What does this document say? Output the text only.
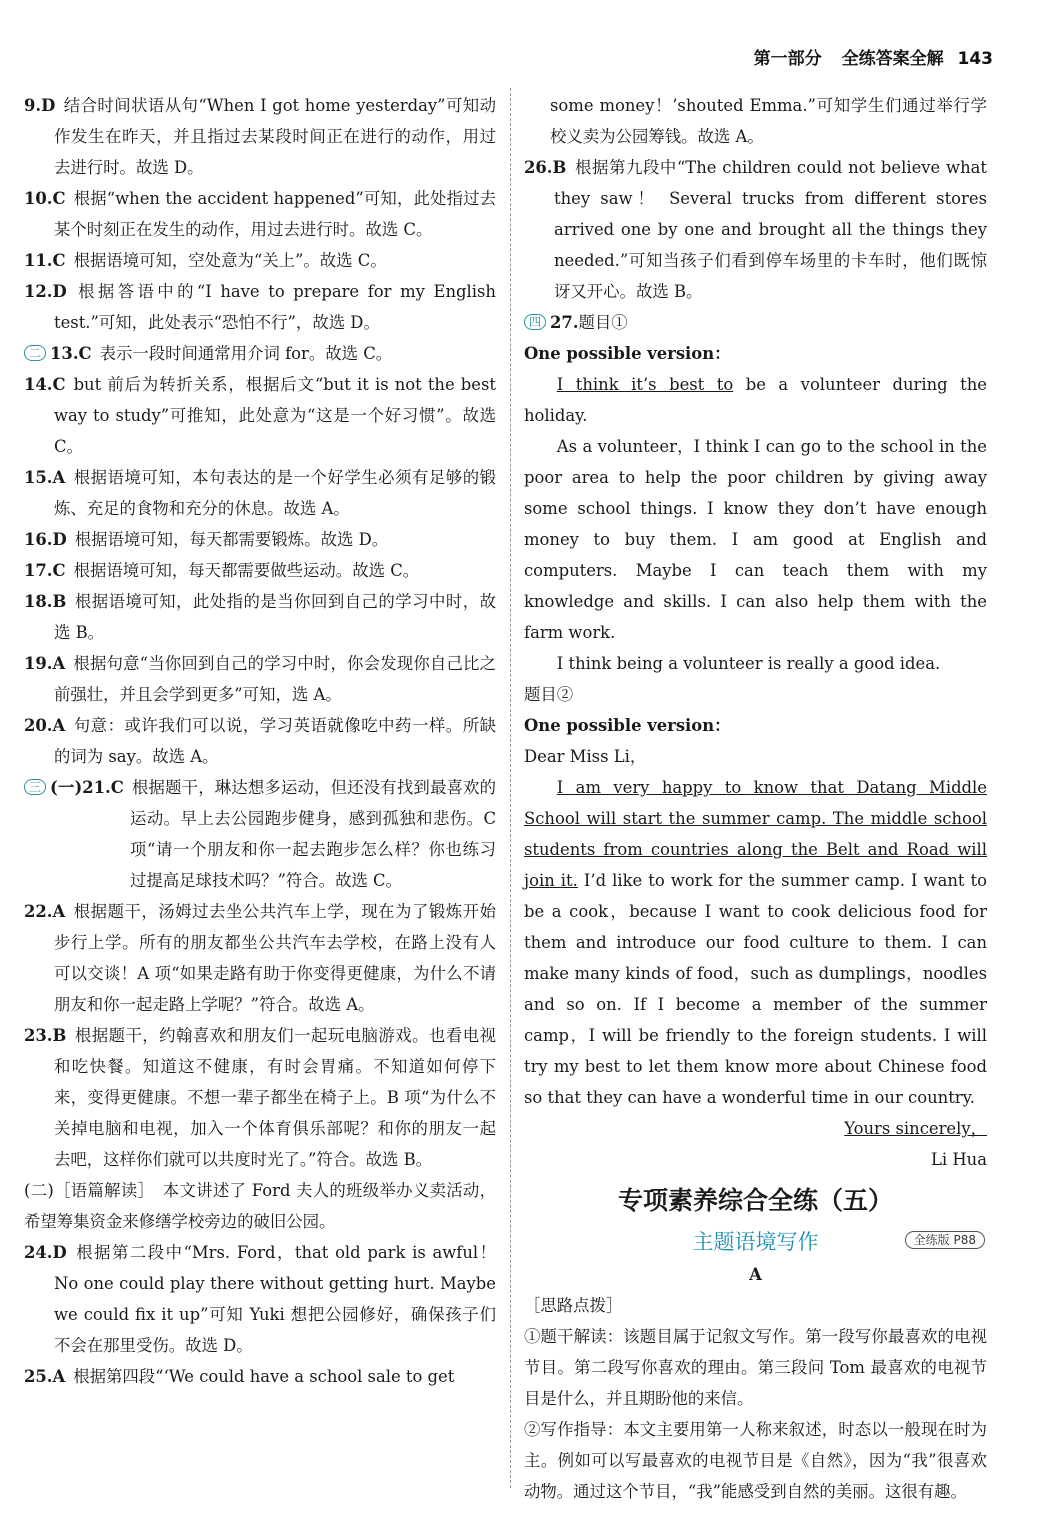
第一部分 全练答案全解 143

9.D 结合时间状语从句“When I got home yesterday”可知动作发生在昨天，并且指过去某段时间正在进行的动作，用过去进行时。故选 D。

10.C 根据“when the accident happened”可知，此处指过去某个时刻正在发生的动作，用过去进行时。故选 C。

11.C 根据语境可知，空处意为“关上”。故选 C。

12.D 根据答语中的“I have to prepare for my English test.”可知，此处表示“恐怕不行”，故选 D。

二 13.C 表示一段时间通常用介词 for。故选 C。

14.C but 前后为转折关系，根据后文“but it is not the best way to study”可推知，此处意为“这是一个好习惯”。故选 C。

15.A 根据语境可知，本句表达的是一个好学生必须有足够的锻炼、充足的食物和充分的休息。故选 A。

16.D 根据语境可知，每天都需要锻炼。故选 D。

17.C 根据语境可知，每天都需要做些运动。故选 C。

18.B 根据语境可知，此处指的是当你回到自己的学习中时，故选 B。

19.A 根据句意“当你回到自己的学习中时，你会发现你自己比之前强壮，并且会学到更多”可知，选 A。

20.A 句意：或许我们可以说，学习英语就像吃中药一样。所缺的词为 say。故选 A。

三 (一)21.C 根据题干，琳达想多运动，但还没有找到最喜欢的运动。早上去公园跑步健身，感到孤独和悲伤。C 项“请一个朋友和你一起去跑步怎么样？你也练习过提高足球技术吗？”符合。故选 C。

22.A 根据题干，汤姆过去坐公共汽车上学，现在为了锻炼开始步行上学。所有的朋友都坐公共汽车去学校，在路上没有人可以交谈！A 项“如果走路有助于你变得更健康，为什么不请朋友和你一起走路上学呢？”符合。故选 A。

23.B 根据题干，约翰喜欢和朋友们一起玩电脑游戏。也看电视和吃快餐。知道这不健康，有时会胃痛。不知道如何停下来，变得更健康。不想一辈子都坐在椅子上。B 项“为什么不关掉电脑和电视，加入一个体育俱乐部呢？和你的朋友一起去吧，这样你们就可以共度时光了。”符合。故选 B。

(二)［语篇解读］　本文讲述了 Ford 夫人的班级举办义卖活动，希望筹集资金来修缮学校旁边的破旧公园。

24.D 根据第二段中“Mrs. Ford，that old park is awful！No one could play there without getting hurt. Maybe we could fix it up”可知 Yuki 想把公园修好，确保孩子们不会在那里受伤。故选 D。

25.A 根据第四段“‘We could have a school sale to get

some money！’shouted Emma.”可知学生们通过举行学校义卖为公园筹钱。故选 A。

26.B 根据第九段中“The children could not believe what they saw！ Several trucks from different stores arrived one by one and brought all the things they needed.”可知当孩子们看到停车场里的卡车时，他们既惊讶又开心。故选 B。

四 27.题目①

One possible version：

I think it’s best to be a volunteer during the holiday.

As a volunteer，I think I can go to the school in the poor area to help the poor children by giving away some school things. I know they don’t have enough money to buy them. I am good at English and computers. Maybe I can teach them with my knowledge and skills. I can also help them with the farm work.

I think being a volunteer is really a good idea.

题目②

One possible version：

Dear Miss Li，

I am very happy to know that Datang Middle School will start the summer camp. The middle school students from countries along the Belt and Road will join it. I’d like to work for the summer camp. I want to be a cook，because I want to cook delicious food for them and introduce our food culture to them. I can make many kinds of food，such as dumplings，noodles and so on. If I become a member of the summer camp，I will be friendly to the foreign students. I will try my best to let them know more about Chinese food so that they can have a wonderful time in our country.

Yours sincerely，

Li Hua

专项素养综合全练（五）
主题语境写作	全练版 P88

A

［思路点拨］

①题干解读：该题目属于记叙文写作。第一段写你最喜欢的电视节目。第二段写你喜欢的理由。第三段问 Tom 最喜欢的电视节目是什么，并且期盼他的来信。

②写作指导：本文主要用第一人称来叙述，时态以一般现在时为主。例如可以写最喜欢的电视节目是《自然》，因为“我”很喜欢动物。通过这个节目，“我”能感受到自然的美丽。这很有趣。
